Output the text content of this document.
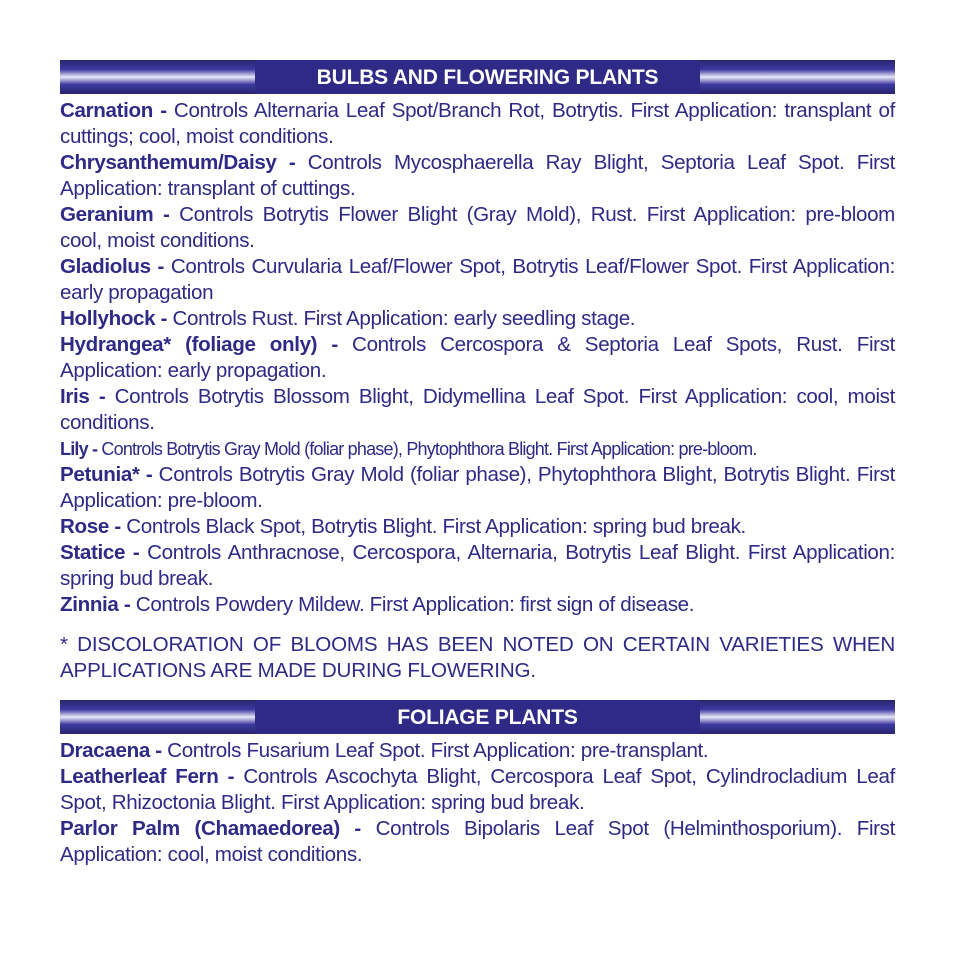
BULBS AND FLOWERING PLANTS

Carnation - Controls Alternaria Leaf Spot/Branch Rot, Botrytis. First Application: transplant of cuttings; cool, moist conditions.

Chrysanthemum/Daisy - Controls Mycosphaerella Ray Blight, Septoria Leaf Spot. First Application: transplant of cuttings.

Geranium - Controls Botrytis Flower Blight (Gray Mold), Rust. First Application: pre-bloom cool, moist conditions.

Gladiolus - Controls Curvularia Leaf/Flower Spot, Botrytis Leaf/Flower Spot. First Application: early propagation

Hollyhock - Controls Rust. First Application: early seedling stage.

Hydrangea* (foliage only) - Controls Cercospora & Septoria Leaf Spots, Rust. First Application: early propagation.

Iris - Controls Botrytis Blossom Blight, Didymellina Leaf Spot. First Application: cool, moist conditions.

Lily - Controls Botrytis Gray Mold (foliar phase), Phytophthora Blight. First Application: pre-bloom.

Petunia* - Controls Botrytis Gray Mold (foliar phase), Phytophthora Blight, Botrytis Blight. First Application: pre-bloom.

Rose - Controls Black Spot, Botrytis Blight. First Application: spring bud break.

Statice - Controls Anthracnose, Cercospora, Alternaria, Botrytis Leaf Blight. First Application: spring bud break.

Zinnia - Controls Powdery Mildew. First Application: first sign of disease.

* DISCOLORATION OF BLOOMS HAS BEEN NOTED ON CERTAIN VARIETIES WHEN APPLICATIONS ARE MADE DURING FLOWERING.

FOLIAGE PLANTS

Dracaena - Controls Fusarium Leaf Spot. First Application: pre-transplant.

Leatherleaf Fern - Controls Ascochyta Blight, Cercospora Leaf Spot, Cylindrocladium Leaf Spot, Rhizoctonia Blight. First Application: spring bud break.

Parlor Palm (Chamaedorea) - Controls Bipolaris Leaf Spot (Helminthosporium). First Application: cool, moist conditions.
